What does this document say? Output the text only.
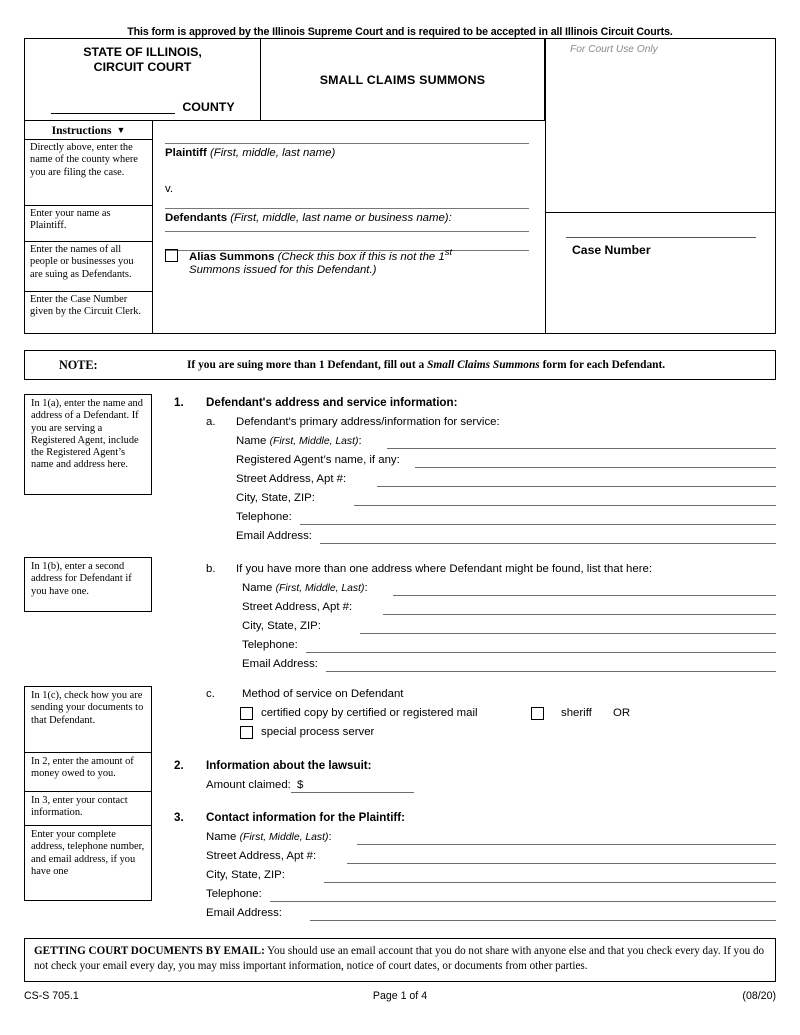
This form is approved by the Illinois Supreme Court and is required to be accepted in all Illinois Circuit Courts.
STATE OF ILLINOIS,
CIRCUIT COURT
COUNTY
SMALL CLAIMS SUMMONS
For Court Use Only
Case Number
Instructions ▼
Directly above, enter the name of the county where you are filing the case.
Enter your name as Plaintiff.
Enter the names of all people or businesses you are suing as Defendants.
Enter the Case Number given by the Circuit Clerk.
Plaintiff (First, middle, last name)
v.
Defendants (First, middle, last name or business name):
Alias Summons (Check this box if this is not the 1st
Summons issued for this Defendant.)
NOTE:	If you are suing more than 1 Defendant, fill out a Small Claims Summons form for each Defendant.
In 1(a), enter the name and address of a Defendant. If you are serving a Registered Agent, include the Registered Agent’s name and address here.
In 1(b), enter a second address for Defendant if you have one.
In 1(c), check how you are sending your documents to that Defendant.
In 2, enter the amount of money owed to you.
In 3, enter your contact information.
Enter your complete address, telephone number, and email address, if you have one
1. Defendant's address and service information:
a. Defendant's primary address/information for service:
Name (First, Middle, Last):
Registered Agent’s name, if any:
Street Address, Apt #:
City, State, ZIP:
Telephone:
Email Address:
b. If you have more than one address where Defendant might be found, list that here:
Name (First, Middle, Last):
Street Address, Apt #:
City, State, ZIP:
Telephone:
Email Address:
c. Method of service on Defendant
certified copy by certified or registered mail	sheriff OR
special process server
2. Information about the lawsuit:
Amount claimed: $
3. Contact information for the Plaintiff:
Name (First, Middle, Last):
Street Address, Apt #:
City, State, ZIP:
Telephone:
Email Address:
GETTING COURT DOCUMENTS BY EMAIL: You should use an email account that you do not share with anyone else and that you check every day. If you do not check your email every day, you may miss important information, notice of court dates, or documents from other parties.
CS-S 705.1	Page 1 of 4	(08/20)
